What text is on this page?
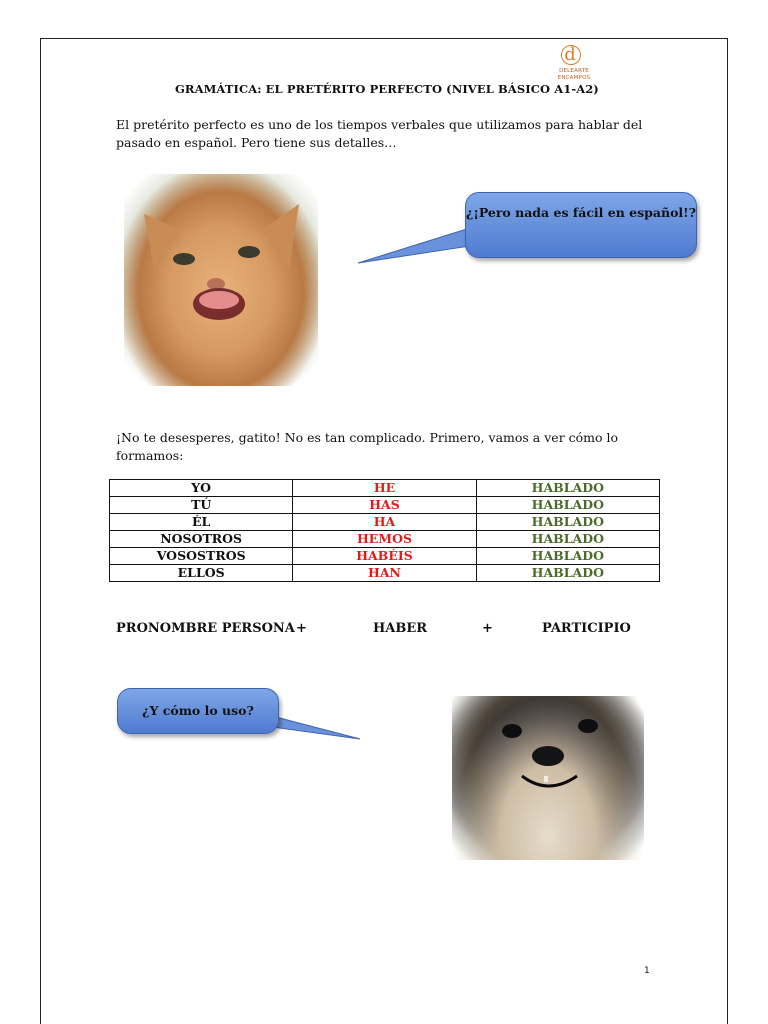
d
DELEARTE
ENCAMPOS
GRAMÁTICA: EL PRETÉRITO PERFECTO (NIVEL BÁSICO A1-A2)
El pretérito perfecto es uno de los tiempos verbales que utilizamos para hablar del pasado en español. Pero tiene sus detalles…
¿¡Pero nada es fácil en español!?
¡No te desesperes, gatito! No es tan complicado. Primero, vamos a ver cómo lo formamos:
YO	HE	HABLADO
TÚ	HAS	HABLADO
ÉL	HA	HABLADO
NOSOTROS	HEMOS	HABLADO
VOSOSTROS	HABÉIS	HABLADO
ELLOS	HAN	HABLADO
PRONOMBRE PERSONA +	HABER	+	PARTICIPIO
¿Y cómo lo uso?
1
